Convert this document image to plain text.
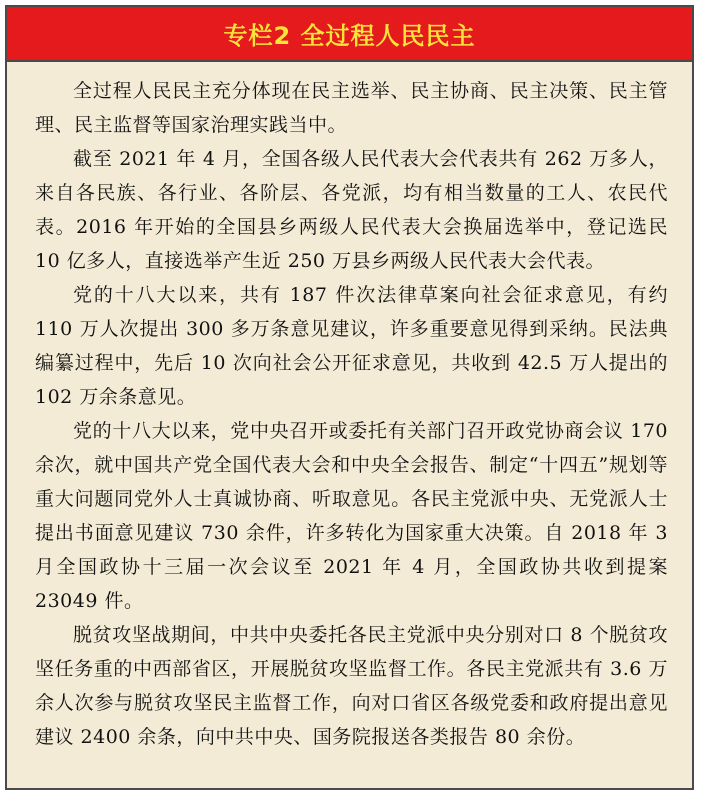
专栏2 全过程人民民主

全过程人民民主充分体现在民主选举、民主协商、民主决策、民主管理、民主监督等国家治理实践当中。

截至 2021 年 4 月，全国各级人民代表大会代表共有 262 万多人，来自各民族、各行业、各阶层、各党派，均有相当数量的工人、农民代表。2016 年开始的全国县乡两级人民代表大会换届选举中，登记选民 10 亿多人，直接选举产生近 250 万县乡两级人民代表大会代表。

党的十八大以来，共有 187 件次法律草案向社会征求意见，有约 110 万人次提出 300 多万条意见建议，许多重要意见得到采纳。民法典编纂过程中，先后 10 次向社会公开征求意见，共收到 42.5 万人提出的 102 万余条意见。

党的十八大以来，党中央召开或委托有关部门召开政党协商会议 170 余次，就中国共产党全国代表大会和中央全会报告、制定“十四五”规划等重大问题同党外人士真诚协商、听取意见。各民主党派中央、无党派人士提出书面意见建议 730 余件，许多转化为国家重大决策。自 2018 年 3 月全国政协十三届一次会议至 2021 年 4 月，全国政协共收到提案 23049 件。

脱贫攻坚战期间，中共中央委托各民主党派中央分别对口 8 个脱贫攻坚任务重的中西部省区，开展脱贫攻坚监督工作。各民主党派共有 3.6 万余人次参与脱贫攻坚民主监督工作，向对口省区各级党委和政府提出意见建议 2400 余条，向中共中央、国务院报送各类报告 80 余份。
